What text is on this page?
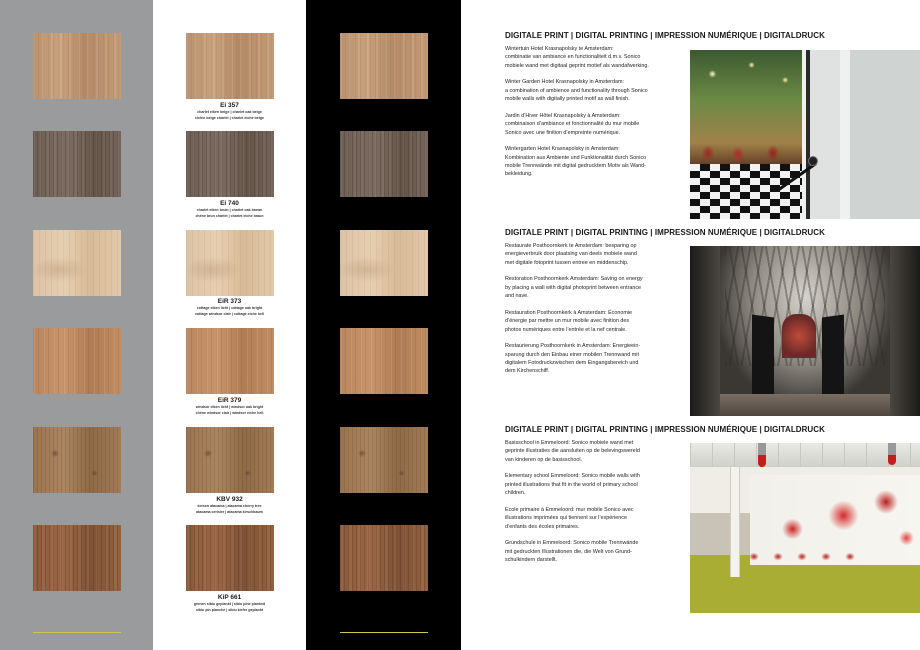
Ei 357
charlet eiken beige | charlet oak beige
chêne beige charlet | charlet eiche beige
Ei 740
charlet eiken bruin | charlet oak brown
chêne brun charlet | charlet eiche braun
EiR 373
cottage eiken licht | cottage oak bright
cottage windsor clair | cottage eiche hell
EiR 379
windsor eiken licht | windsor oak bright
chêne windsor clair | windsor eiche hell
KBV 932
kersen atacama | atacama cherry tree
atacama cerisier | atacama kirschbaum
KiP 661
grenen sibiu geplankt | sibiu pine planked
sibiu pin planché | sibiu kiefer geplankt
DIGITALE PRINT | DIGITAL PRINTING | IMPRESSION NUMÉRIQUE | DIGITALDRUCK

Wintertuin Hotel Krasnapolsky te Amsterdam:
combinatie van ambiance en functionaliteit d.m.v. Sonico
mobiele wand met digitaal geprint motief als wandafwerking.

Winter Garden Hotel Krasnapolsky in Amsterdam:
a combination of ambience and functionality through Sonico
mobile walls with digitally printed motif as wall finish.

Jardin d’Hiver Hôtel Krasnapolsky à Amsterdam:
combinaison d’ambiance et fonctionnalité du mur mobile
Sonico avec une finition d’empreinte numérique.

Wintergarten Hotel Krasnapolsky in Amsterdam:
Kombination aus Ambiente und Funktionalität durch Sonico
mobile Trennwände mit digital gedrucktem Motiv als Wand-
bekleidung.

DIGITALE PRINT | DIGITAL PRINTING | IMPRESSION NUMÉRIQUE | DIGITALDRUCK

Restaurate Posthoornkerk te Amsterdam: besparing op
energieverbruik door plaatsing van deels mobiele wand
met digitale fotoprint tussen entree en middenschip.

Restoration Posthoornkerk Amsterdam: Saving on energy
by placing a wall with digital photoprint between entrance
and nave.

Restauration Posthoornkerk à Amsterdam: Économie
d’énergie par mettre un mur mobile avec finition des
photos numériques entre l’entrée et la nef centrale.

Restaurierung Posthoornkerk in Amsterdam: Energieein-
sparung durch den Einbau einer mobilen Trennwand mit
digitalem Fotodruckzwischen dem Eingangsbereich und
dem Kirchenschiff.

DIGITALE PRINT | DIGITAL PRINTING | IMPRESSION NUMÉRIQUE | DIGITALDRUCK

Basisschool in Emmeloord: Sonico mobiele wand met
geprinte illustraties die aansluiten op de belevingswereld
van kinderen op de basisschool.

Elementary school Emmeloord: Sonico mobile walls with
printed illustrations that fit in the world of primary school
children.

Ecole primaire à Emmeloord: mur mobile Sonico avec
illustrations imprimées qui tiennent sur l’expérience
d’enfants des écoles primaires.

Grundschule in Emmeloord: Sonico mobile Trennwände
mit gedruckten Illustrationen die, die Welt von Grund-
schulkindern darstellt.
